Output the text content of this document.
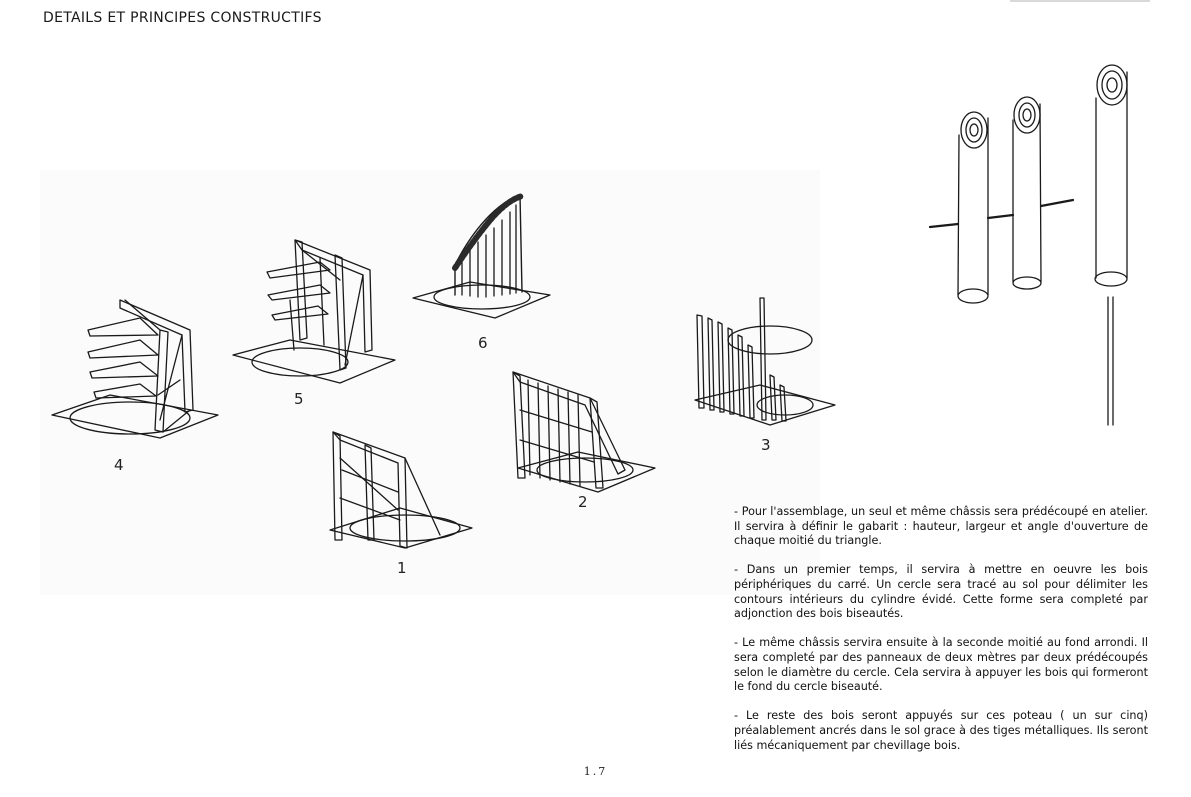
DETAILS ET PRINCIPES CONSTRUCTIFS
4
5
6
1
2
3

- Pour l'assemblage, un seul et même châssis sera prédécoupé en atelier. Il servira à définir le gabarit : hauteur, largeur et angle d'ouverture de chaque moitié du triangle.

- Dans un premier temps, il servira à mettre en oeuvre les bois périphériques du carré. Un cercle sera tracé au sol pour délimiter les contours intérieurs du cylindre évidé. Cette forme sera completé par adjonction des bois biseautés.

- Le même châssis servira ensuite à la seconde moitié au fond arrondi. Il sera completé par des panneaux de deux mètres par deux prédécoupés selon le diamètre du cercle. Cela servira à appuyer les bois qui formeront le fond du cercle biseauté.

- Le reste des bois seront appuyés sur ces poteau ( un sur cinq) préalablement ancrés dans le sol grace à des tiges métalliques. Ils seront liés mécaniquement par chevillage bois.

1.7
